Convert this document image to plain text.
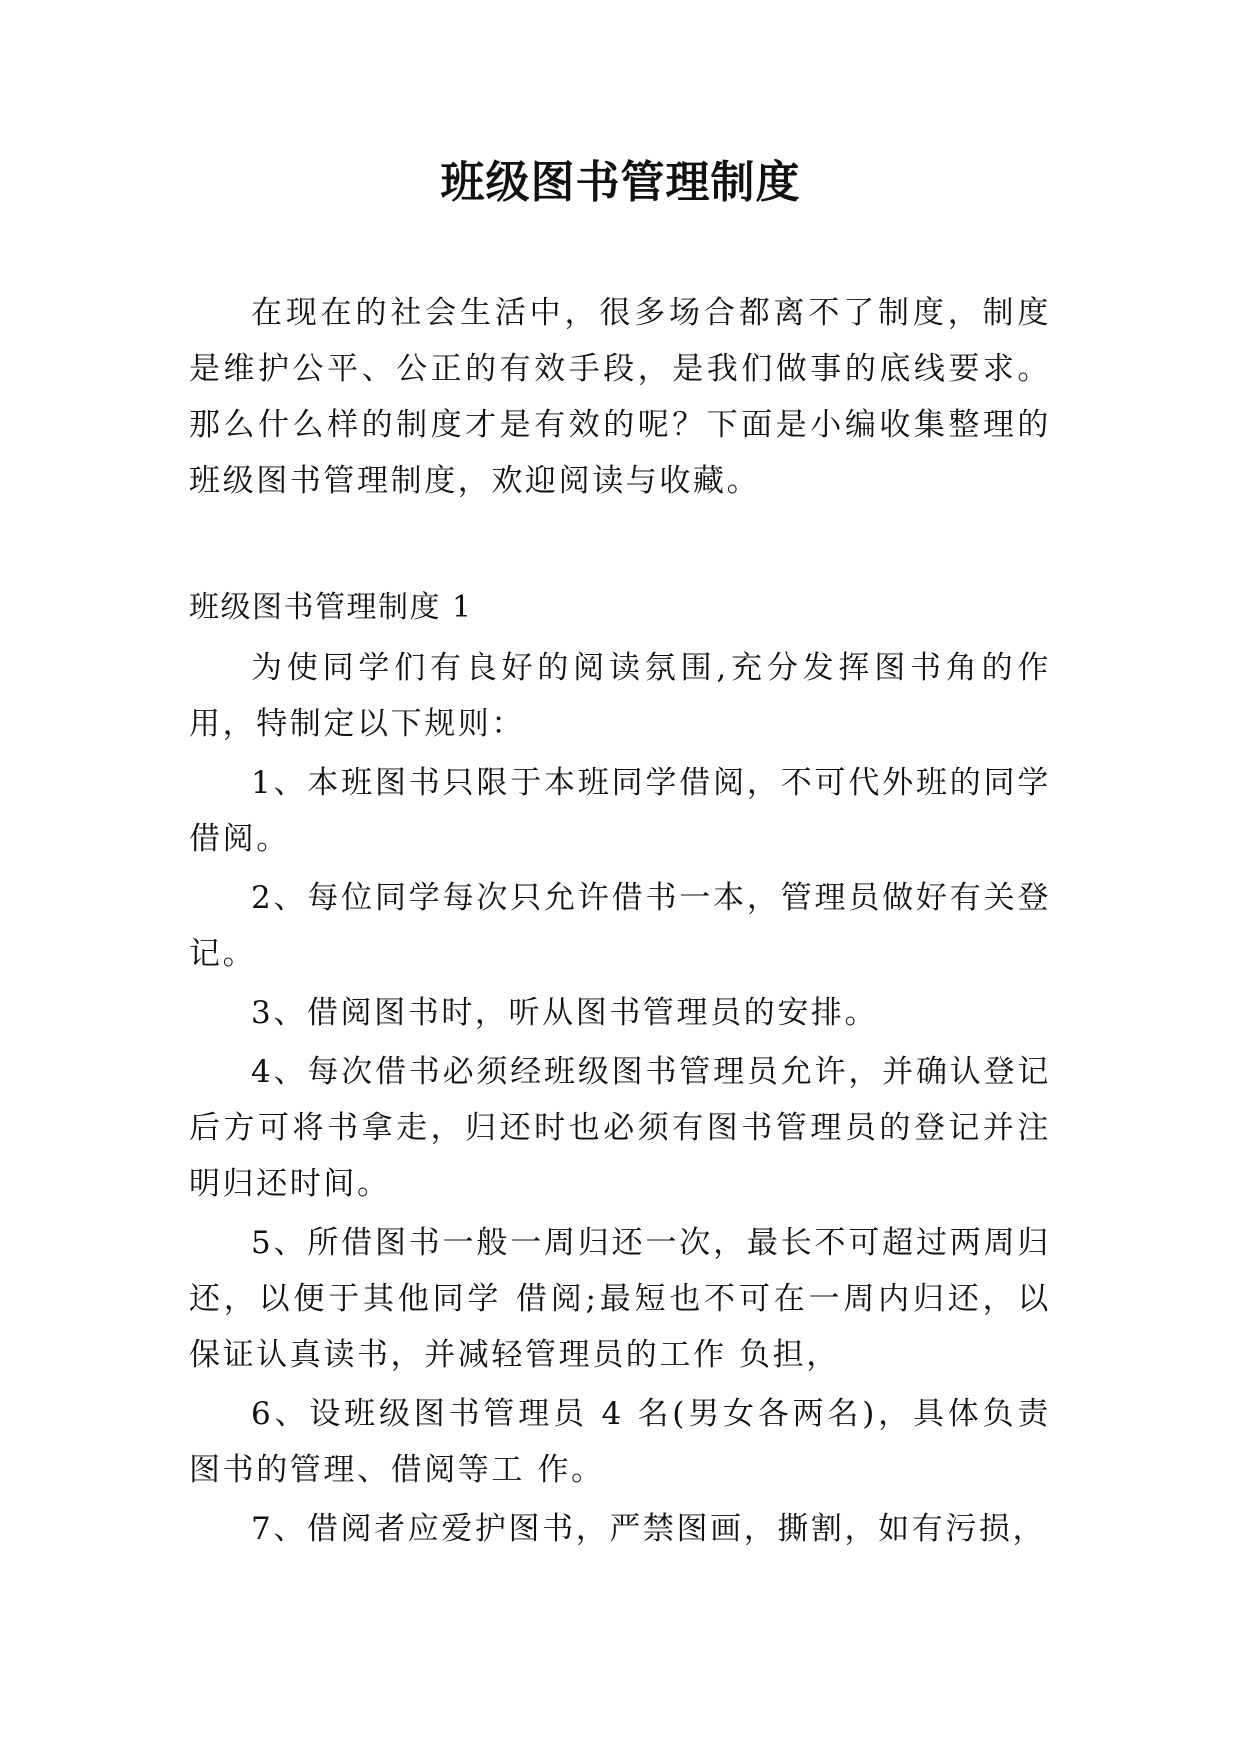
班级图书管理制度

在现在的社会生活中，很多场合都离不了制度，制度是维护公平、公正的有效手段，是我们做事的底线要求。那么什么样的制度才是有效的呢？下面是小编收集整理的班级图书管理制度，欢迎阅读与收藏。

班级图书管理制度 1

为使同学们有良好的阅读氛围,充分发挥图书角的作用，特制定以下规则：

1、本班图书只限于本班同学借阅，不可代外班的同学借阅。

2、每位同学每次只允许借书一本，管理员做好有关登记。

3、借阅图书时，听从图书管理员的安排。

4、每次借书必须经班级图书管理员允许，并确认登记后方可将书拿走，归还时也必须有图书管理员的登记并注明归还时间。

5、所借图书一般一周归还一次，最长不可超过两周归还，以便于其他同学 借阅;最短也不可在一周内归还，以保证认真读书，并减轻管理员的工作 负担，

6、设班级图书管理员 4 名(男女各两名)，具体负责图书的管理、借阅等工 作。

7、借阅者应爱护图书，严禁图画，撕割，如有污损，
